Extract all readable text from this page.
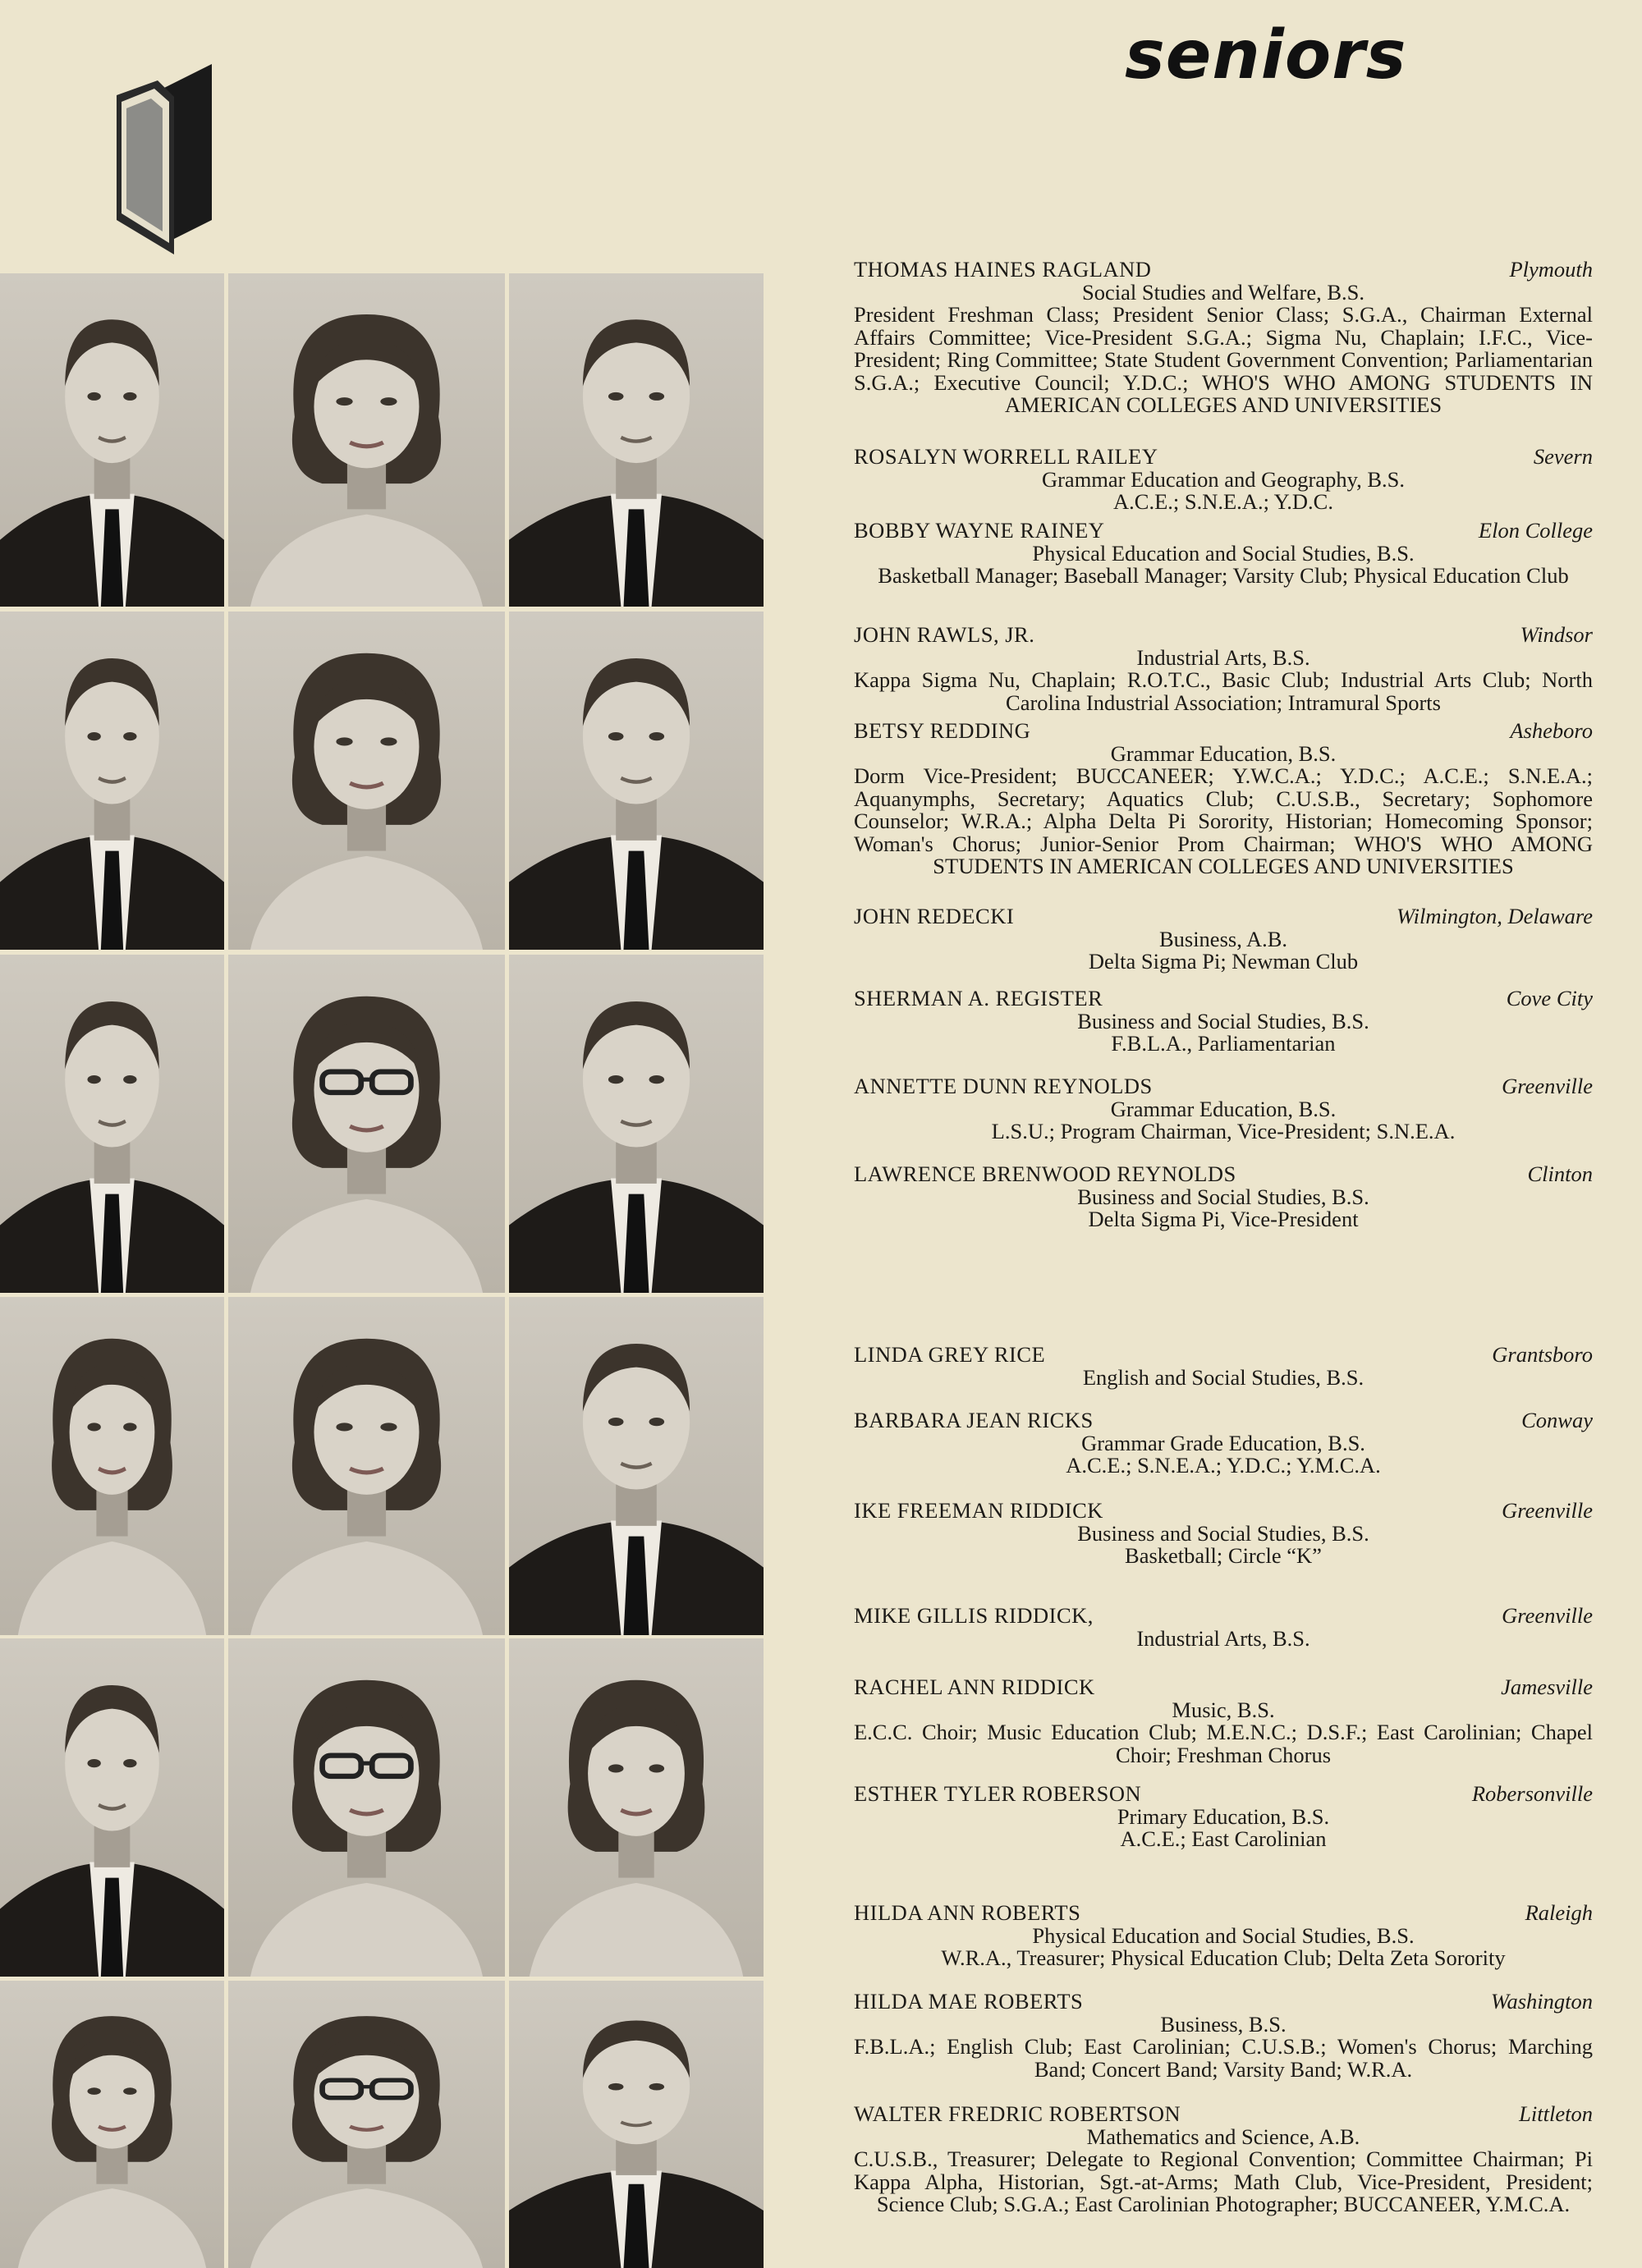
seniors
THOMAS HAINES RAGLAND	Plymouth
Social Studies and Welfare, B.S.
President Freshman Class; President Senior Class; S.G.A., Chairman External Affairs Committee; Vice-President S.G.A.; Sigma Nu, Chaplain; I.F.C., Vice-President; Ring Committee; State Student Government Convention; Parliamentarian S.G.A.; Executive Council; Y.D.C.; WHO'S WHO AMONG STUDENTS IN AMERICAN COLLEGES AND UNIVERSITIES
ROSALYN WORRELL RAILEY	Severn
Grammar Education and Geography, B.S.
A.C.E.; S.N.E.A.; Y.D.C.
BOBBY WAYNE RAINEY	Elon College
Physical Education and Social Studies, B.S.
Basketball Manager; Baseball Manager; Varsity Club; Physical Education Club
JOHN RAWLS, JR.	Windsor
Industrial Arts, B.S.
Kappa Sigma Nu, Chaplain; R.O.T.C., Basic Club; Industrial Arts Club; North Carolina Industrial Association; Intramural Sports
BETSY REDDING	Asheboro
Grammar Education, B.S.
Dorm Vice-President; BUCCANEER; Y.W.C.A.; Y.D.C.; A.C.E.; S.N.E.A.; Aquanymphs, Secretary; Aquatics Club; C.U.S.B., Secretary; Sophomore Counselor; W.R.A.; Alpha Delta Pi Sorority, Historian; Homecoming Sponsor; Woman's Chorus; Junior-Senior Prom Chairman; WHO'S WHO AMONG STUDENTS IN AMERICAN COLLEGES AND UNIVERSITIES
JOHN REDECKI	Wilmington, Delaware
Business, A.B.
Delta Sigma Pi; Newman Club
SHERMAN A. REGISTER	Cove City
Business and Social Studies, B.S.
F.B.L.A., Parliamentarian
ANNETTE DUNN REYNOLDS	Greenville
Grammar Education, B.S.
L.S.U.; Program Chairman, Vice-President; S.N.E.A.
LAWRENCE BRENWOOD REYNOLDS	Clinton
Business and Social Studies, B.S.
Delta Sigma Pi, Vice-President
LINDA GREY RICE	Grantsboro
English and Social Studies, B.S.
BARBARA JEAN RICKS	Conway
Grammar Grade Education, B.S.
A.C.E.; S.N.E.A.; Y.D.C.; Y.M.C.A.
IKE FREEMAN RIDDICK	Greenville
Business and Social Studies, B.S.
Basketball; Circle “K”
MIKE GILLIS RIDDICK,	Greenville
Industrial Arts, B.S.
RACHEL ANN RIDDICK	Jamesville
Music, B.S.
E.C.C. Choir; Music Education Club; M.E.N.C.; D.S.F.; East Carolinian; Chapel Choir; Freshman Chorus
ESTHER TYLER ROBERSON	Robersonville
Primary Education, B.S.
A.C.E.; East Carolinian
HILDA ANN ROBERTS	Raleigh
Physical Education and Social Studies, B.S.
W.R.A., Treasurer; Physical Education Club; Delta Zeta Sorority
HILDA MAE ROBERTS	Washington
Business, B.S.
F.B.L.A.; English Club; East Carolinian; C.U.S.B.; Women's Chorus; Marching Band; Concert Band; Varsity Band; W.R.A.
WALTER FREDRIC ROBERTSON	Littleton
Mathematics and Science, A.B.
C.U.S.B., Treasurer; Delegate to Regional Convention; Committee Chairman; Pi Kappa Alpha, Historian, Sgt.-at-Arms; Math Club, Vice-President, President; Science Club; S.G.A.; East Carolinian Photographer; BUCCANEER, Y.M.C.A.
